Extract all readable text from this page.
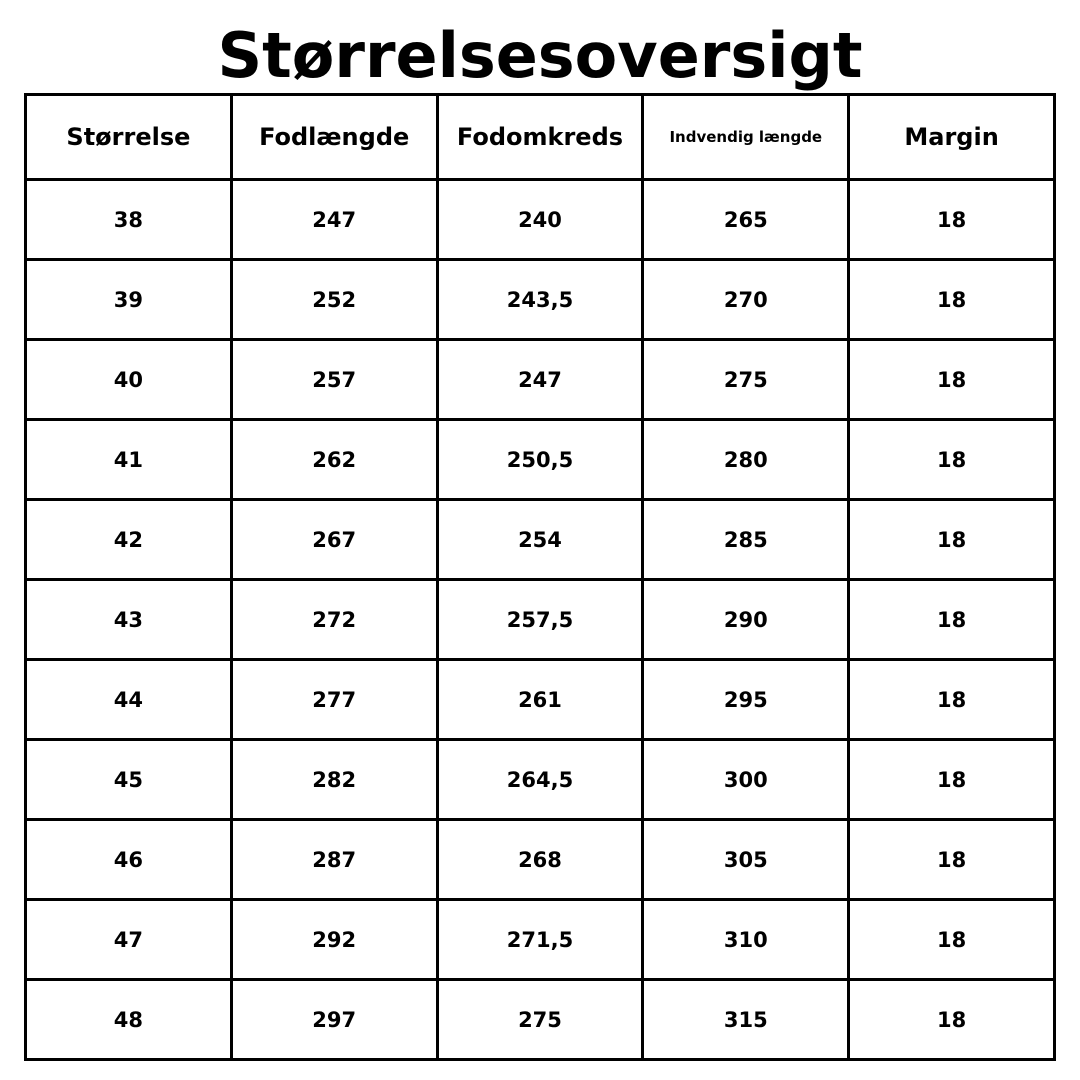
Størrelsesoversigt
Størrelse	Fodlængde	Fodomkreds	Indvendig længde	Margin
38	247	240	265	18
39	252	243,5	270	18
40	257	247	275	18
41	262	250,5	280	18
42	267	254	285	18
43	272	257,5	290	18
44	277	261	295	18
45	282	264,5	300	18
46	287	268	305	18
47	292	271,5	310	18
48	297	275	315	18
